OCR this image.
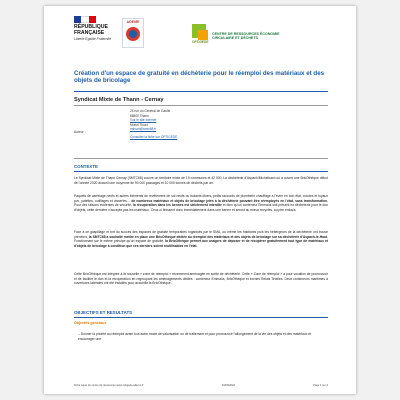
RÉPUBLIQUE
FRANÇAISE
Liberté Égalité Fraternité
ADEME
OPTIGEDE
CENTRE DE RESSOURCES ÉCONOMIE CIRCULAIRE ET DÉCHETS
Création d'un espace de gratuité en déchèterie pour le réemploi des matériaux et des objets de bricolage
Syndicat Mixte de Thann - Cernay
24 rue du Général de Gaulle
68800 Thann
Voir le site internet
Muriel Thuet
mthuet@smtc68.fr
Consulter la fiche sur OPTIGEDE
Auteur :
CONTEXTE
Le Syndicat Mixte de Thann Cernay (SMTC68) couvre un territoire mixte de 19 communes et 42 000. La déchèterie d'Aspach/Michelbach où a ouvert une BricOthèque début de l'année 2020 accueil une moyenne de 90 000 passages et 10 000 tonnes de déchets par an.
Paquets de carrelage neufs et autres éléments de revêtement de sol neufs ou isolants divers, petits raccords de plomberie chauffage à l'évier en bon état, coudes et tuyaux pvc, palettes, outillages et visseries… de nombreux matériaux et objets de bricolage jetés à la déchèterie pouvant être réemployés en l'état, sans transformation. Pour des raisons évidentes de sécurité, la récupération dans les bennes est strictement interdite et bien qu'un conteneur Emmaüs soit présent en déchèterie pour le don d'objets, cette dernière n'accepte pas les matériaux. Ceux-ci finissent donc immédiatement dans une benne et seront au mieux recyclés, au pire enfouis.
Face à ce gaspillage et fort du succès des espaces de gratuité temporaires organisés par le SMA, où même les habitants puis les hébergeurs de la déchèterie ont trouvé preneurs, la SMTC68 a souhaité mettre en place une BricOthèque dédiée au réemploi des matériaux et des objets de bricolage sur sa déchèterie d'Aspach-le-Haut. Fonctionnant sur le même principe qu'un espace de gratuité, la BricOthèque permet aux usagers de déposer et de récupérer gratuitement tout type de matériaux et d'objets de bricolage à condition que ces derniers soient réutilisables en l'état.
Cette BricOthèque est intégrée à la nouvelle « zone de réemploi » récemment aménagée en sortie de déchèterie. Cette « Zone de réemploi » a pour vocation de promouvoir et de faciliter le don et la récupération en regroupant les aménagements dédiés : conteneur Emmaüs, BricOthèque et bornes Relais Textiles. Deux conteneurs maritimes à ouvertures latérales ont été installés pour accueillir la BricOthèque.
OBJECTIFS ET RESULTATS
Objectifs généraux
– Donner la priorité au réemploi avant tout autre mode de valorisation ou de traitement et pour promouvoir l'allongement de la vie des objets et des matériaux et encourager une
Fiche issue du centre de ressources www.optigede.ademe.fr	16/06/2024	Page 1 sur 4
